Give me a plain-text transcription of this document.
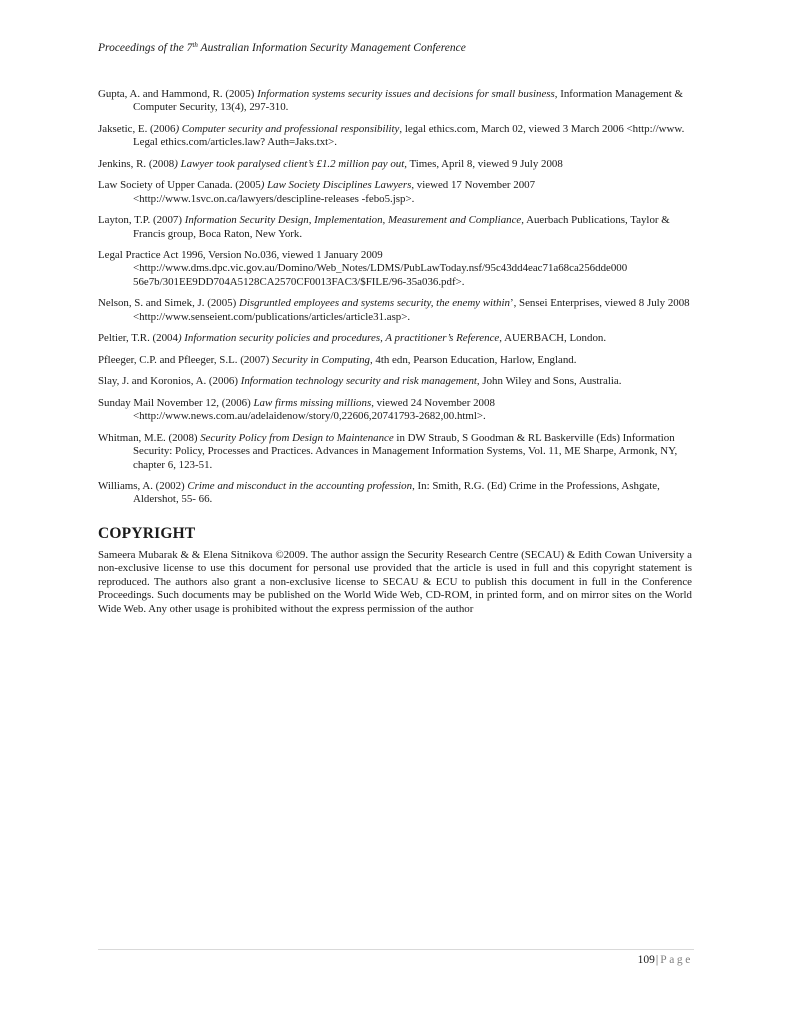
Proceedings of the 7th Australian Information Security Management Conference
Gupta, A. and Hammond, R. (2005) Information systems security issues and decisions for small business, Information Management & Computer Security, 13(4), 297-310.
Jaksetic, E. (2006) Computer security and professional responsibility, legal ethics.com, March 02, viewed 3 March 2006 <http://www. Legal ethics.com/articles.law? Auth=Jaks.txt>.
Jenkins, R. (2008) Lawyer took paralysed client’s £1.2 million pay out, Times, April 8, viewed 9 July 2008
Law Society of Upper Canada. (2005) Law Society Disciplines Lawyers, viewed 17 November 2007 <http://www.1svc.on.ca/lawyers/descipline-releases -febo5.jsp>.
Layton, T.P. (2007) Information Security Design, Implementation, Measurement and Compliance, Auerbach Publications, Taylor & Francis group, Boca Raton, New York.
Legal Practice Act 1996, Version No.036, viewed 1 January 2009 <http://www.dms.dpc.vic.gov.au/Domino/Web_Notes/LDMS/PubLawToday.nsf/95c43dd4eac71a68ca256dde000 56e7b/301EE9DD704A5128CA2570CF0013FAC3/$FILE/96-35a036.pdf>.
Nelson, S. and Simek, J. (2005) Disgruntled employees and systems security, the enemy within’, Sensei Enterprises, viewed 8 July 2008 <http://www.senseient.com/publications/articles/article31.asp>.
Peltier, T.R. (2004) Information security policies and procedures, A practitioner’s Reference, AUERBACH, London.
Pfleeger, C.P. and Pfleeger, S.L. (2007) Security in Computing, 4th edn, Pearson Education, Harlow, England.
Slay, J. and Koronios, A. (2006) Information technology security and risk management, John Wiley and Sons, Australia.
Sunday Mail November 12, (2006) Law firms missing millions, viewed 24 November 2008 <http://www.news.com.au/adelaidenow/story/0,22606,20741793-2682,00.html>.
Whitman, M.E. (2008) Security Policy from Design to Maintenance in DW Straub, S Goodman & RL Baskerville (Eds) Information Security: Policy, Processes and Practices. Advances in Management Information Systems, Vol. 11, ME Sharpe, Armonk, NY, chapter 6, 123-51.
Williams, A. (2002) Crime and misconduct in the accounting profession, In: Smith, R.G. (Ed) Crime in the Professions, Ashgate, Aldershot, 55- 66.
COPYRIGHT

Sameera Mubarak & & Elena Sitnikova ©2009. The author assign the Security Research Centre (SECAU) & Edith Cowan University a non-exclusive license to use this document for personal use provided that the article is used in full and this copyright statement is reproduced. The authors also grant a non-exclusive license to SECAU & ECU to publish this document in full in the Conference Proceedings. Such documents may be published on the World Wide Web, CD-ROM, in printed form, and on mirror sites on the World Wide Web. Any other usage is prohibited without the express permission of the author

109| Page
